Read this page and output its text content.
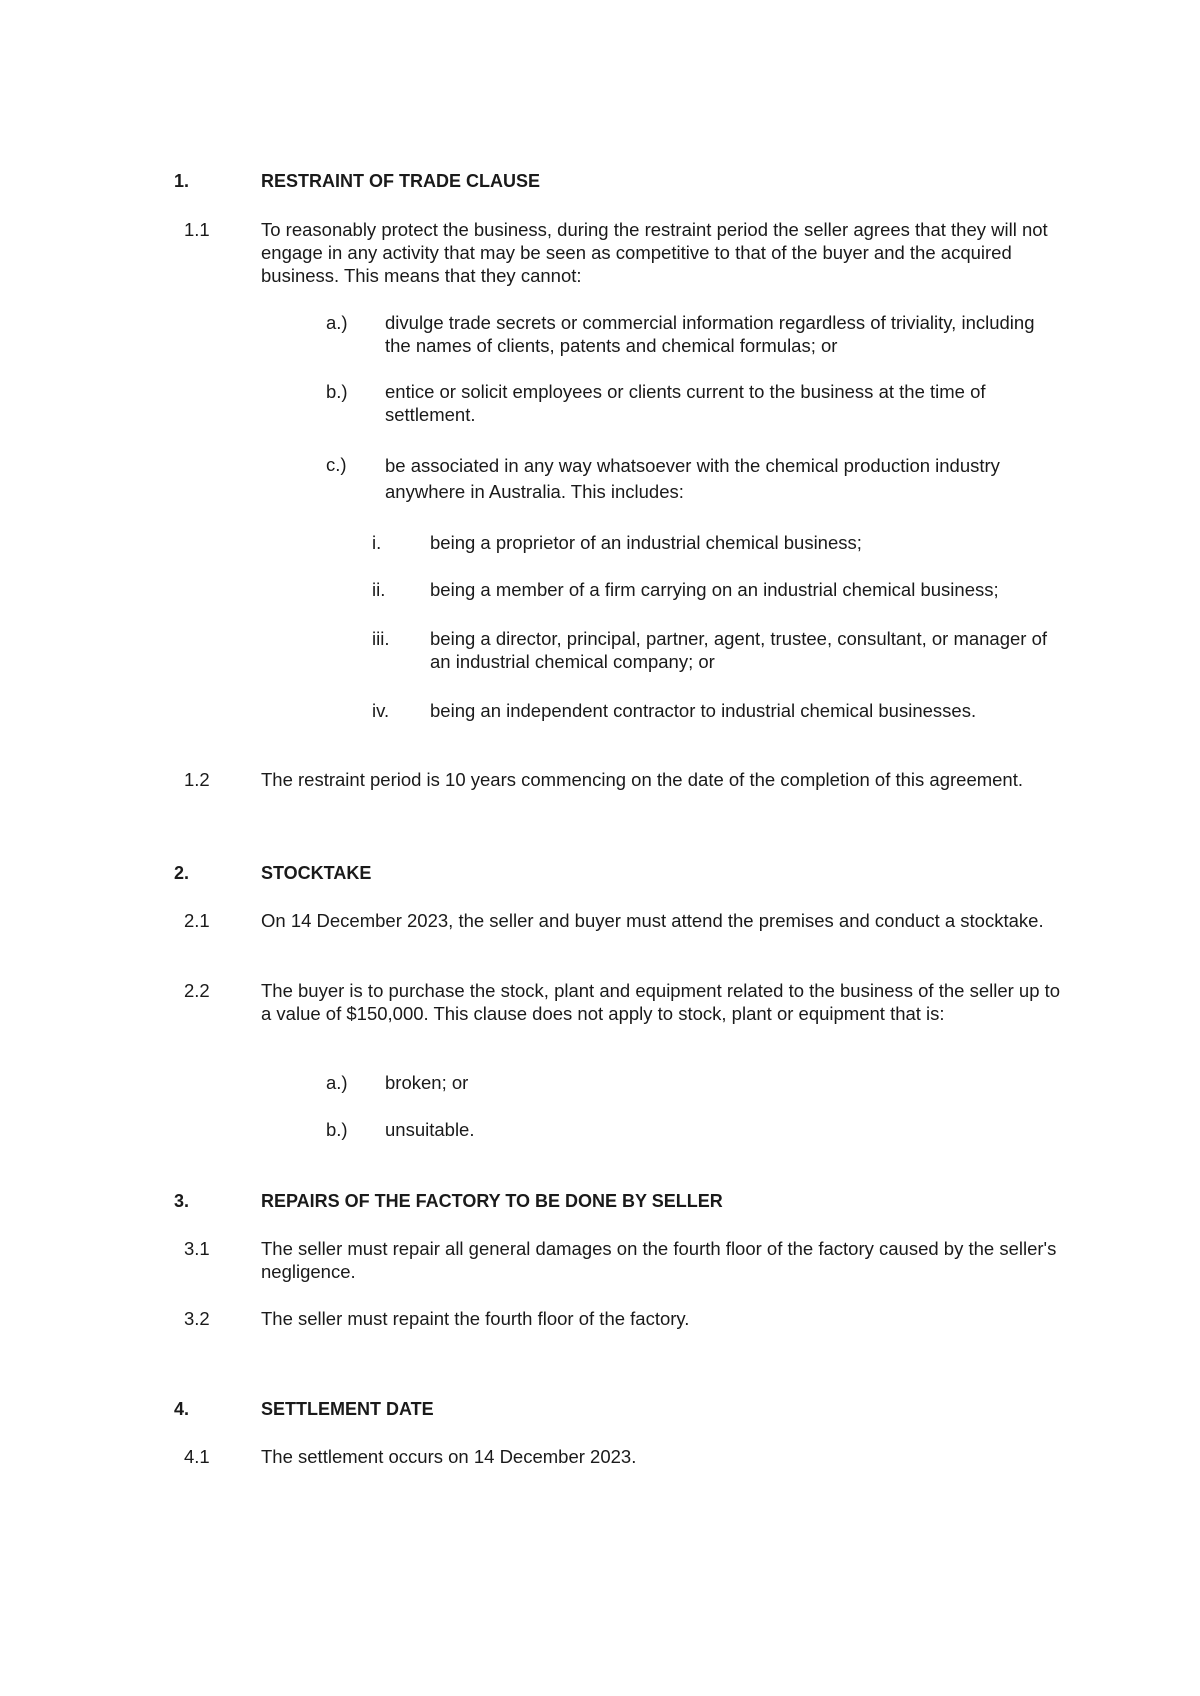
1.	RESTRAINT OF TRADE CLAUSE
1.1	To reasonably protect the business, during the restraint period the seller agrees that they will not engage in any activity that may be seen as competitive to that of the buyer and the acquired business. This means that they cannot:
a.) divulge trade secrets or commercial information regardless of triviality, including the names of clients, patents and chemical formulas; or
b.) entice or solicit employees or clients current to the business at the time of settlement.
c.) be associated in any way whatsoever with the chemical production industry anywhere in Australia. This includes:
i.	being a proprietor of an industrial chemical business;
ii. being a member of a firm carrying on an industrial chemical business;
iii. being a director, principal, partner, agent, trustee, consultant, or manager of an industrial chemical company; or
iv. being an independent contractor to industrial chemical businesses.
1.2	The restraint period is 10 years commencing on the date of the completion of this agreement.
2.	STOCKTAKE
2.1	On 14 December 2023, the seller and buyer must attend the premises and conduct a stocktake.
2.2	The buyer is to purchase the stock, plant and equipment related to the business of the seller up to a value of $150,000. This clause does not apply to stock, plant or equipment that is:
a.) broken; or
b.) unsuitable.
3.	REPAIRS OF THE FACTORY TO BE DONE BY SELLER
3.1	The seller must repair all general damages on the fourth floor of the factory caused by the seller's negligence.
3.2	The seller must repaint the fourth floor of the factory.
4.	SETTLEMENT DATE
4.1	The settlement occurs on 14 December 2023.
